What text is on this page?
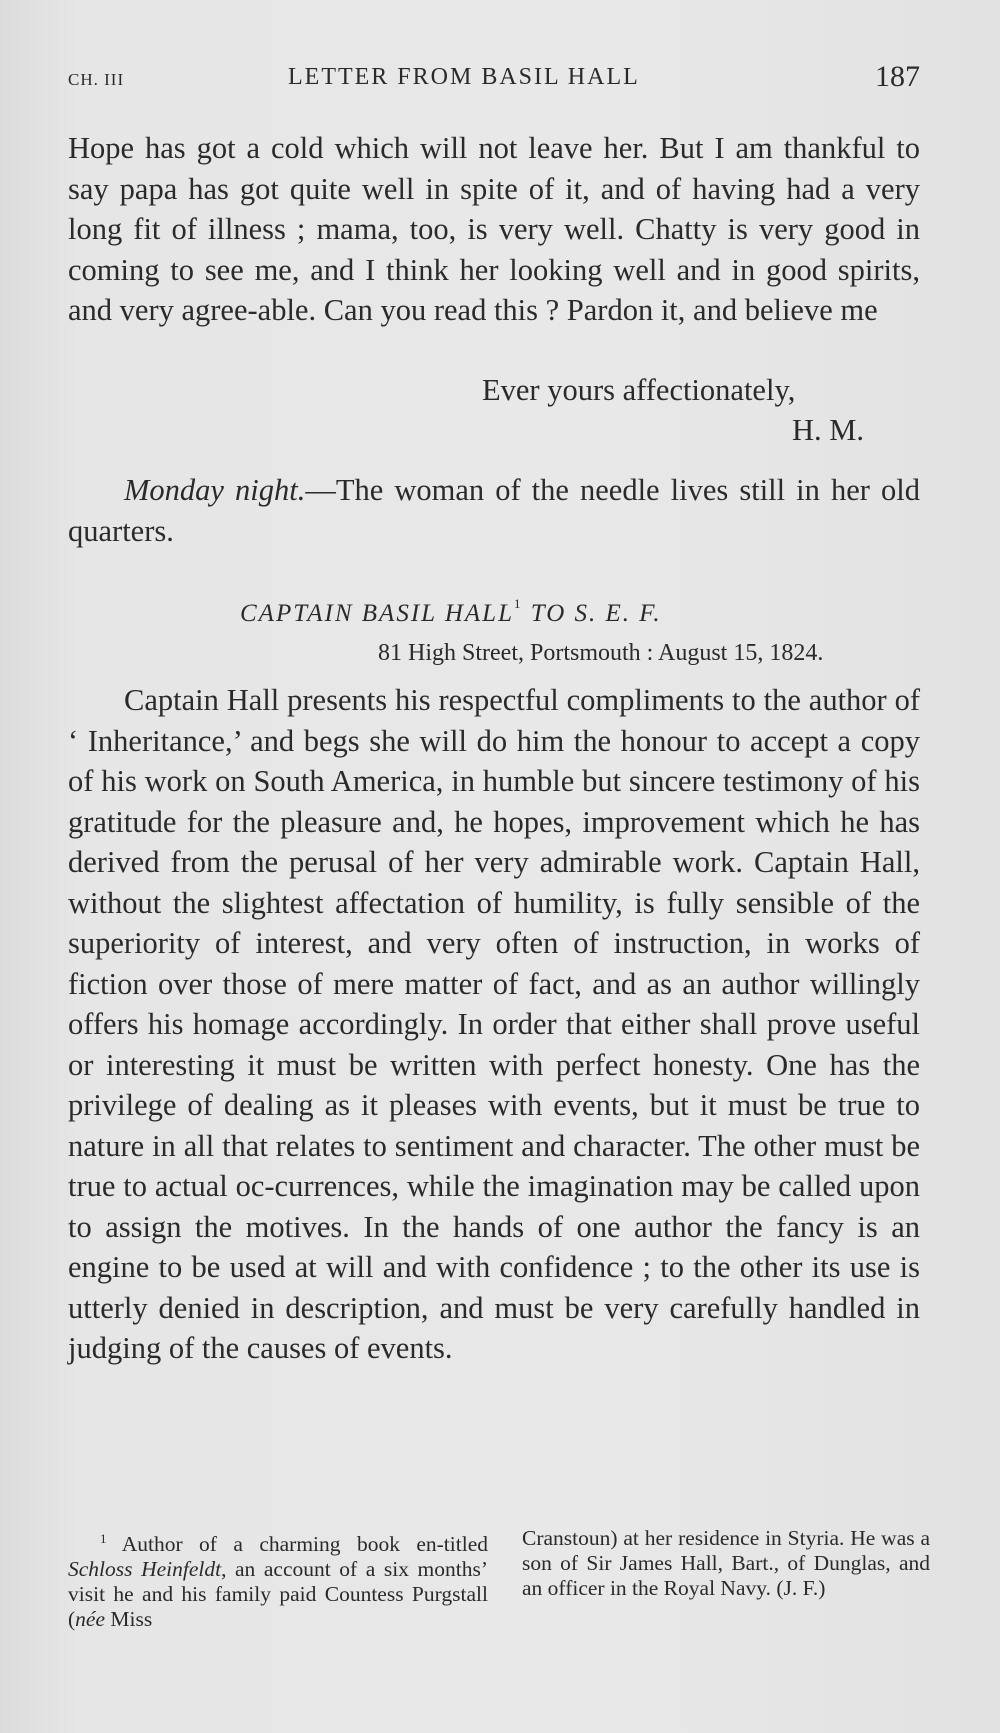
CH. III	LETTER FROM BASIL HALL	187

Hope has got a cold which will not leave her. But I am thankful to say papa has got quite well in spite of it, and of having had a very long fit of illness ; mama, too, is very well. Chatty is very good in coming to see me, and I think her looking well and in good spirits, and very agree-able. Can you read this ? Pardon it, and believe me

Ever yours affectionately,
H. M.
Monday night.—The woman of the needle lives still in her old quarters.
CAPTAIN BASIL HALL$^1$ TO S. E. F.
81 High Street, Portsmouth : August 15, 1824.
Captain Hall presents his respectful compliments to the author of ‘ Inheritance,’ and begs she will do him the honour to accept a copy of his work on South America, in humble but sincere testimony of his gratitude for the pleasure and, he hopes, improvement which he has derived from the perusal of her very admirable work. Captain Hall, without the slightest affectation of humility, is fully sensible of the superiority of interest, and very often of instruction, in works of fiction over those of mere matter of fact, and as an author willingly offers his homage accordingly. In order that either shall prove useful or interesting it must be written with perfect honesty. One has the privilege of dealing as it pleases with events, but it must be true to nature in all that relates to sentiment and character. The other must be true to actual oc-currences, while the imagination may be called upon to assign the motives. In the hands of one author the fancy is an engine to be used at will and with confidence ; to the other its use is utterly denied in description, and must be very carefully handled in judging of the causes of events.
$^1$ Author of a charming book en-titled Schloss Heinfeldt, an account of a six months’ visit he and his family paid Countess Purgstall (née Miss
Cranstoun) at her residence in Styria. He was a son of Sir James Hall, Bart., of Dunglas, and an officer in the Royal Navy. (J. F.)
